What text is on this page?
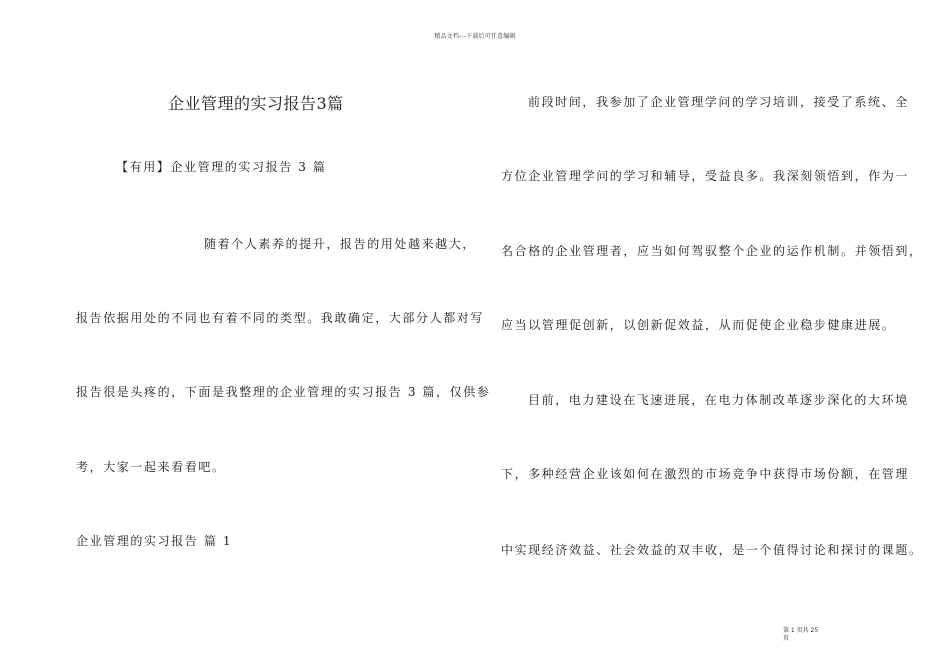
精品文档---下载后可任意编辑
企业管理的实习报告3篇
【有用】企业管理的实习报告 3 篇
随着个人素养的提升，报告的用处越来越大，
报告依据用处的不同也有着不同的类型。我敢确定，大部分人都对写
报告很是头疼的，下面是我整理的企业管理的实习报告 3 篇，仅供参
考，大家一起来看看吧。
企业管理的实习报告 篇 1
前段时间，我参加了企业管理学问的学习培训，接受了系统、全
方位企业管理学问的学习和辅导，受益良多。我深刻领悟到，作为一
名合格的企业管理者，应当如何驾驭整个企业的运作机制。并领悟到，
应当以管理促创新，以创新促效益，从而促使企业稳步健康进展。
目前，电力建设在飞速进展，在电力体制改革逐步深化的大环境
下，多种经营企业该如何在激烈的市场竞争中获得市场份额，在管理
中实现经济效益、社会效益的双丰收，是一个值得讨论和探讨的课题。
第 1 页共 25
页
